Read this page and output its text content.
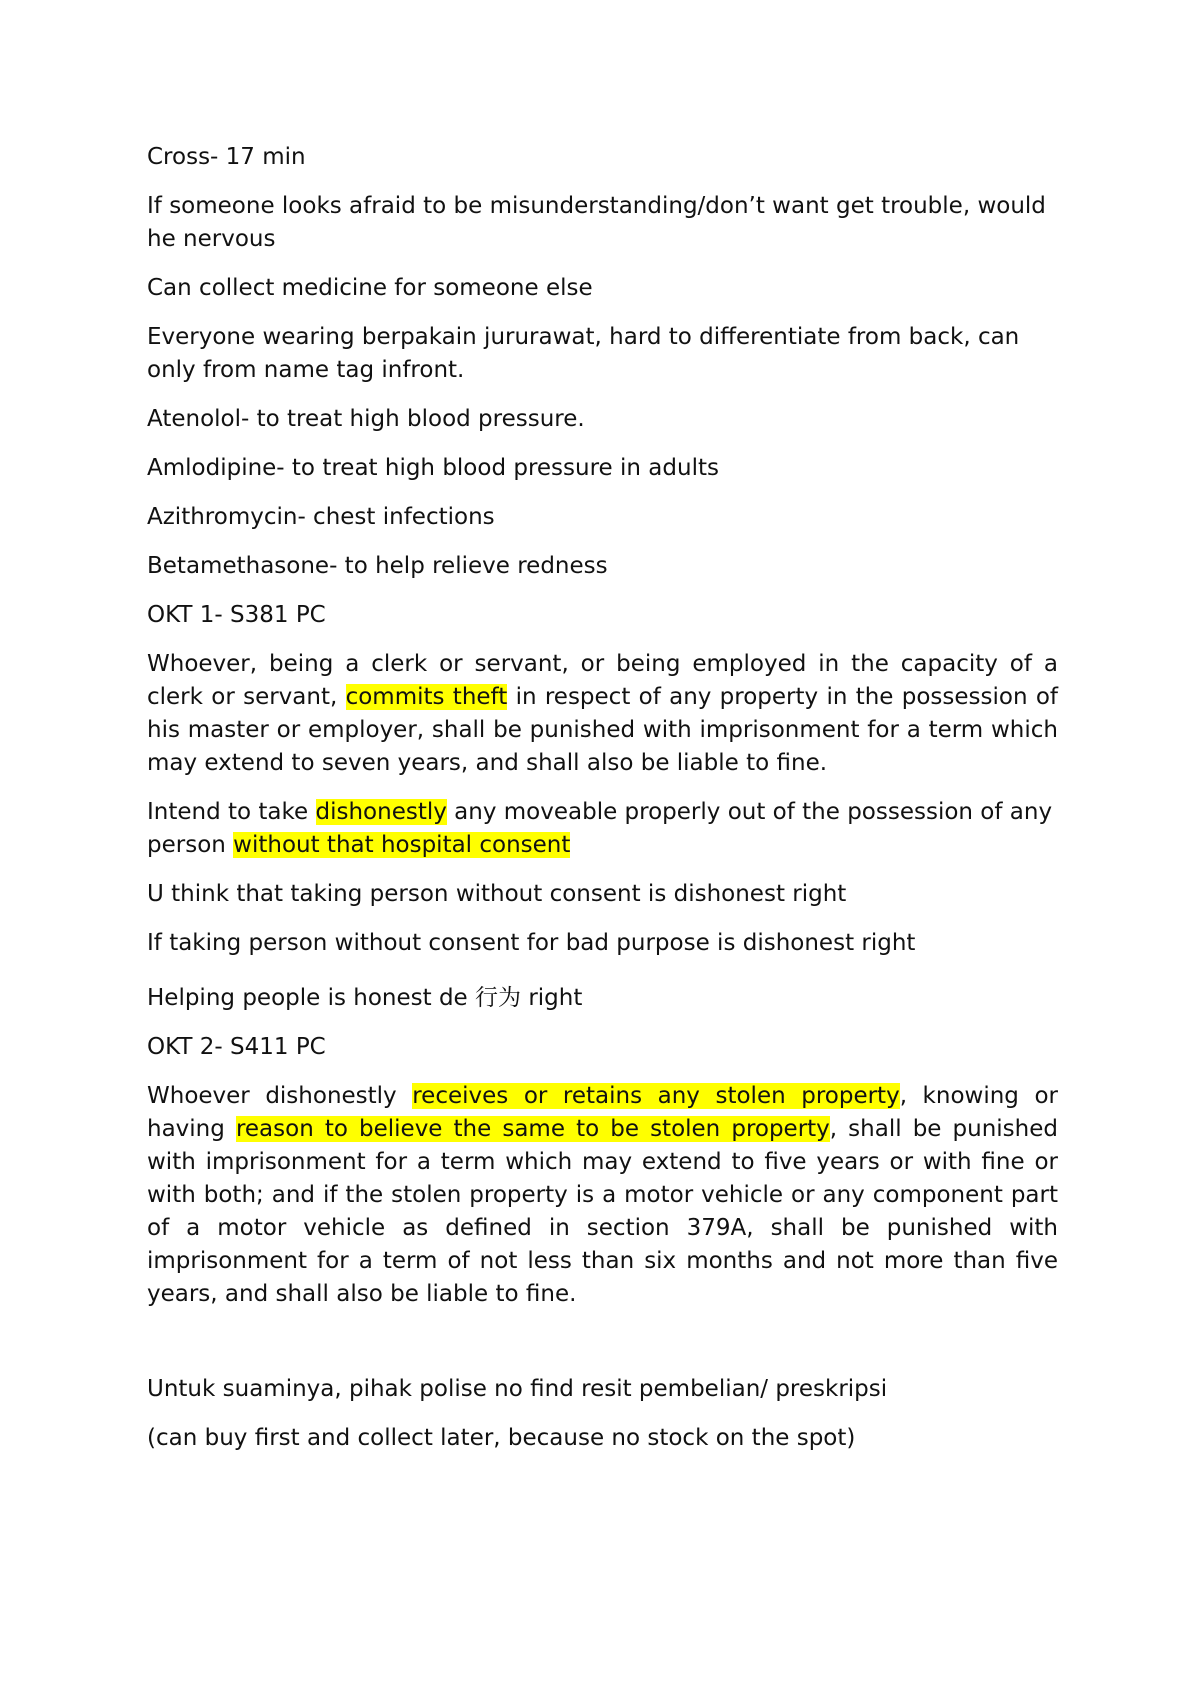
Cross- 17 min

If someone looks afraid to be misunderstanding/don’t want get trouble, would he nervous

Can collect medicine for someone else

Everyone wearing berpakain jururawat, hard to differentiate from back, can only from name tag infront.

Atenolol- to treat high blood pressure.

Amlodipine- to treat high blood pressure in adults

Azithromycin- chest infections

Betamethasone- to help relieve redness

OKT 1- S381 PC

Whoever, being a clerk or servant, or being employed in the capacity of a clerk or servant, commits theft in respect of any property in the possession of his master or employer, shall be punished with imprisonment for a term which may extend to seven years, and shall also be liable to fine.

Intend to take dishonestly any moveable properly out of the possession of any person without that hospital consent

U think that taking person without consent is dishonest right

If taking person without consent for bad purpose is dishonest right

Helping people is honest de 行为 right

OKT 2- S411 PC

Whoever dishonestly receives or retains any stolen property, knowing or having reason to believe the same to be stolen property, shall be punished with imprisonment for a term which may extend to five years or with fine or with both; and if the stolen property is a motor vehicle or any component part of a motor vehicle as defined in section 379A, shall be punished with imprisonment for a term of not less than six months and not more than five years, and shall also be liable to fine.

Untuk suaminya, pihak polise no find resit pembelian/ preskripsi

(can buy first and collect later, because no stock on the spot)
